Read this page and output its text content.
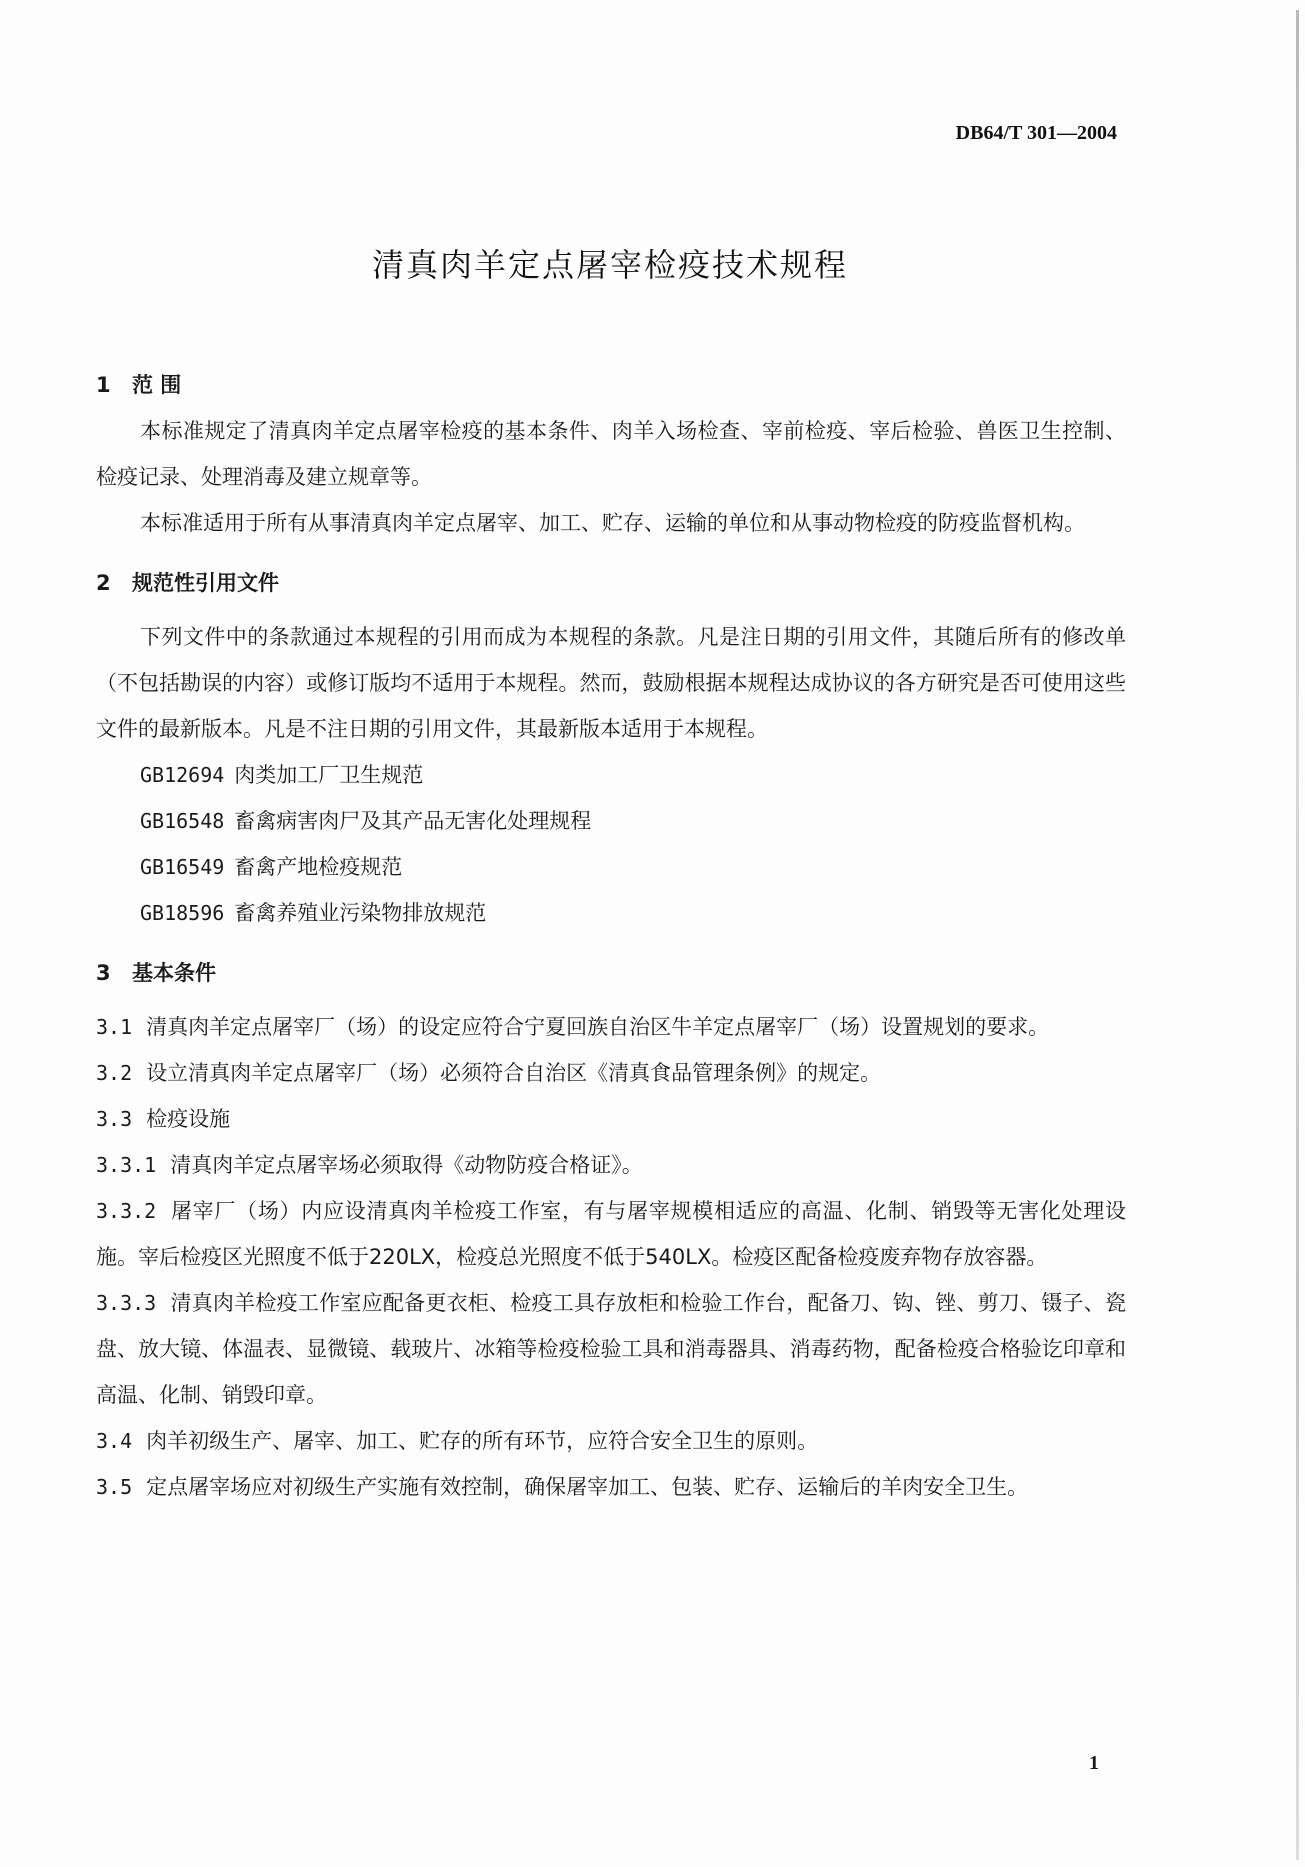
DB64/T 301—2004
清真肉羊定点屠宰检疫技术规程
1 范 围

本标准规定了清真肉羊定点屠宰检疫的基本条件、肉羊入场检查、宰前检疫、宰后检验、兽医卫生控制、检疫记录、处理消毒及建立规章等。

本标准适用于所有从事清真肉羊定点屠宰、加工、贮存、运输的单位和从事动物检疫的防疫监督机构。

2 规范性引用文件

下列文件中的条款通过本规程的引用而成为本规程的条款。凡是注日期的引用文件，其随后所有的修改单（不包括勘误的内容）或修订版均不适用于本规程。然而，鼓励根据本规程达成协议的各方研究是否可使用这些文件的最新版本。凡是不注日期的引用文件，其最新版本适用于本规程。

GB12694 肉类加工厂卫生规范

GB16548 畜禽病害肉尸及其产品无害化处理规程

GB16549 畜禽产地检疫规范

GB18596 畜禽养殖业污染物排放规范

3 基本条件

3.1 清真肉羊定点屠宰厂（场）的设定应符合宁夏回族自治区牛羊定点屠宰厂（场）设置规划的要求。

3.2 设立清真肉羊定点屠宰厂（场）必须符合自治区《清真食品管理条例》的规定。

3.3 检疫设施

3.3.1 清真肉羊定点屠宰场必须取得《动物防疫合格证》。

3.3.2 屠宰厂（场）内应设清真肉羊检疫工作室，有与屠宰规模相适应的高温、化制、销毁等无害化处理设施。宰后检疫区光照度不低于220LX，检疫总光照度不低于540LX。检疫区配备检疫废弃物存放容器。

3.3.3 清真肉羊检疫工作室应配备更衣柜、检疫工具存放柜和检验工作台，配备刀、钩、锉、剪刀、镊子、瓷盘、放大镜、体温表、显微镜、载玻片、冰箱等检疫检验工具和消毒器具、消毒药物，配备检疫合格验讫印章和高温、化制、销毁印章。

3.4 肉羊初级生产、屠宰、加工、贮存的所有环节，应符合安全卫生的原则。

3.5 定点屠宰场应对初级生产实施有效控制，确保屠宰加工、包装、贮存、运输后的羊肉安全卫生。

1
